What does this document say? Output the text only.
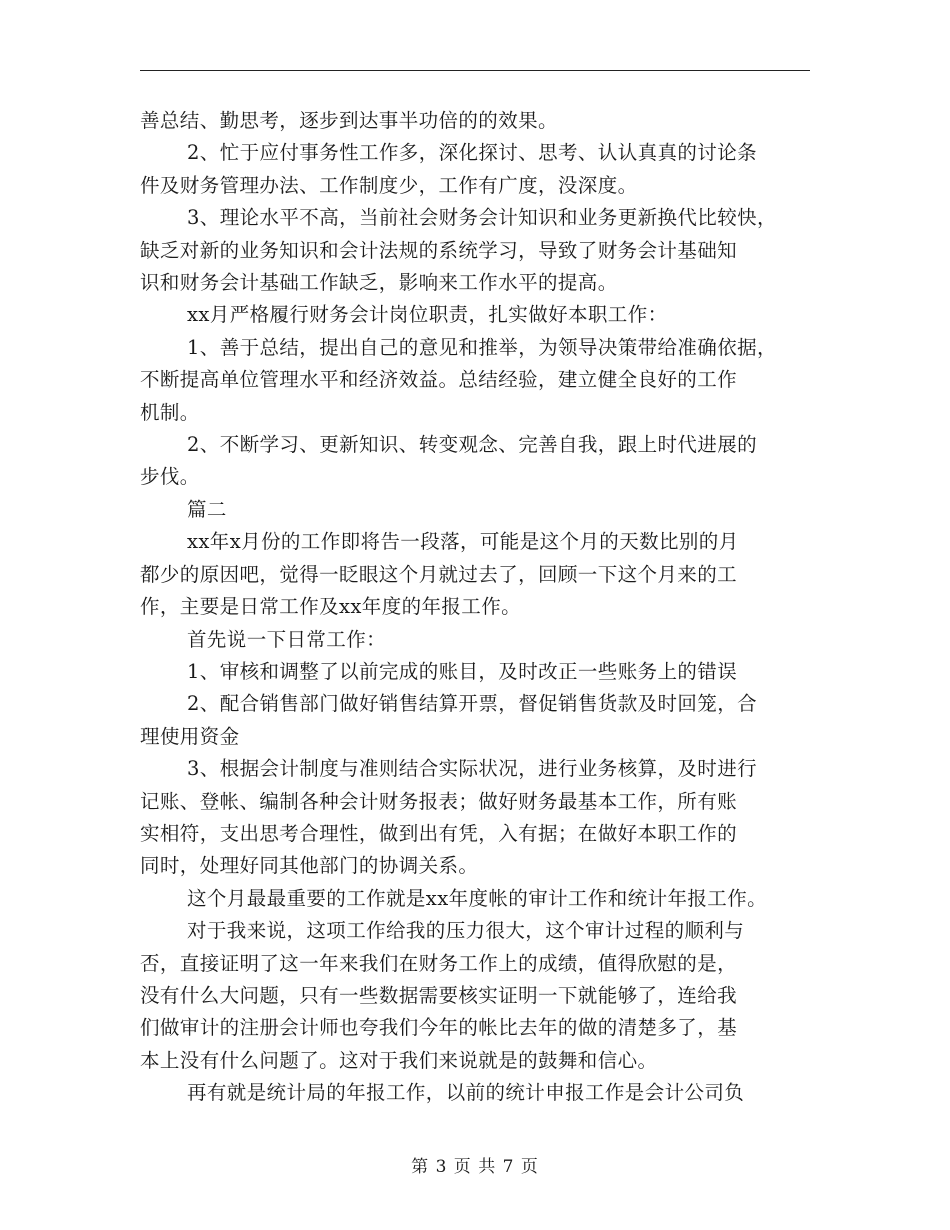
善总结、勤思考，逐步到达事半功倍的的效果。

2、忙于应付事务性工作多，深化探讨、思考、认认真真的讨论条

件及财务管理办法、工作制度少，工作有广度，没深度。

3、理论水平不高，当前社会财务会计知识和业务更新换代比较快，

缺乏对新的业务知识和会计法规的系统学习，导致了财务会计基础知

识和财务会计基础工作缺乏，影响来工作水平的提高。

xx月严格履行财务会计岗位职责，扎实做好本职工作：

1、善于总结，提出自己的意见和推举，为领导决策带给准确依据，

不断提高单位管理水平和经济效益。总结经验，建立健全良好的工作

机制。

2、不断学习、更新知识、转变观念、完善自我，跟上时代进展的

步伐。

篇二

xx年x月份的工作即将告一段落，可能是这个月的天数比别的月

都少的原因吧，觉得一眨眼这个月就过去了，回顾一下这个月来的工

作，主要是日常工作及xx年度的年报工作。

首先说一下日常工作：

1、审核和调整了以前完成的账目，及时改正一些账务上的错误

2、配合销售部门做好销售结算开票，督促销售货款及时回笼，合

理使用资金

3、根据会计制度与准则结合实际状况，进行业务核算，及时进行

记账、登帐、编制各种会计财务报表；做好财务最基本工作，所有账

实相符，支出思考合理性，做到出有凭，入有据；在做好本职工作的

同时，处理好同其他部门的协调关系。

这个月最最重要的工作就是xx年度帐的审计工作和统计年报工作。

对于我来说，这项工作给我的压力很大，这个审计过程的顺利与

否，直接证明了这一年来我们在财务工作上的成绩，值得欣慰的是，

没有什么大问题，只有一些数据需要核实证明一下就能够了，连给我

们做审计的注册会计师也夸我们今年的帐比去年的做的清楚多了，基

本上没有什么问题了。这对于我们来说就是的鼓舞和信心。

再有就是统计局的年报工作，以前的统计申报工作是会计公司负

第 3 页 共 7 页
